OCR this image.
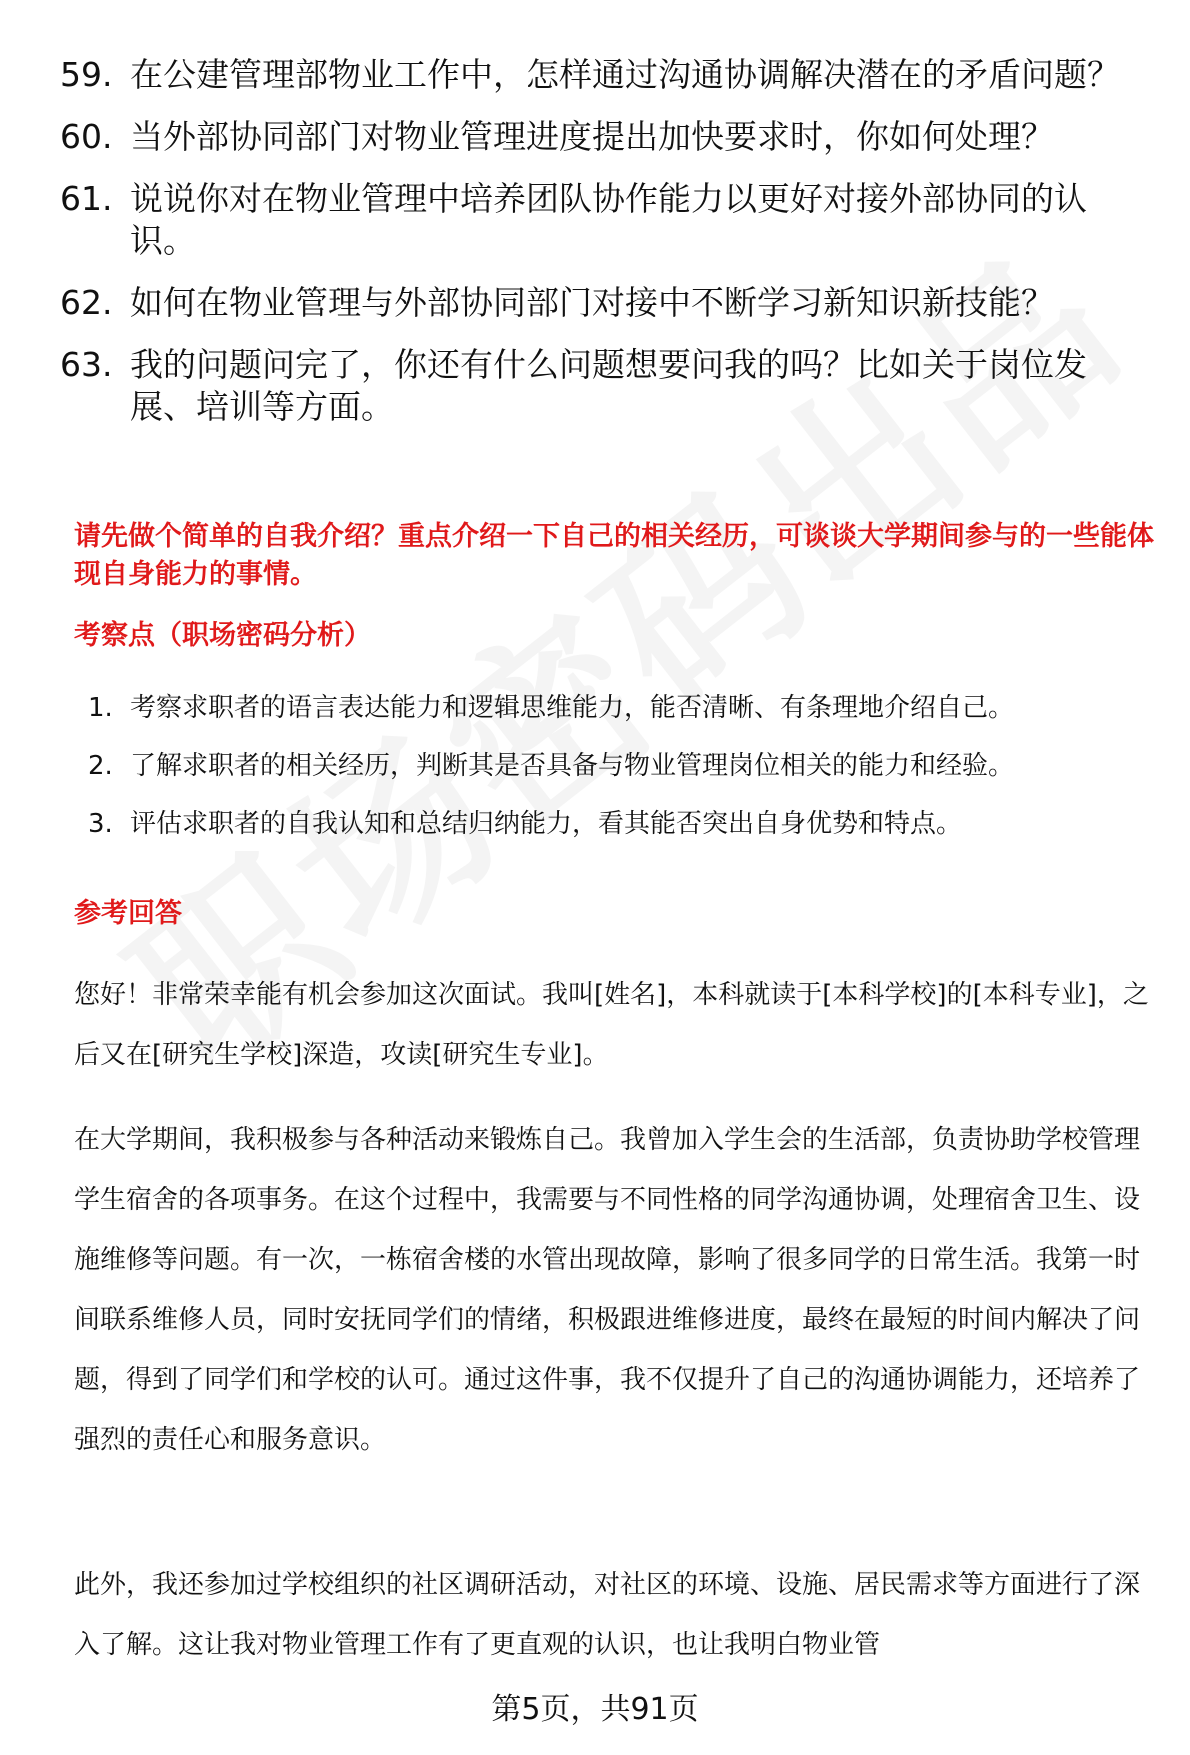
59. 在公建管理部物业工作中，怎样通过沟通协调解决潜在的矛盾问题？
60. 当外部协同部门对物业管理进度提出加快要求时，你如何处理？
61. 说说你对在物业管理中培养团队协作能力以更好对接外部协同的认识。
62. 如何在物业管理与外部协同部门对接中不断学习新知识新技能？
63. 我的问题问完了，你还有什么问题想要问我的吗？比如关于岗位发展、培训等方面。
请先做个简单的自我介绍？重点介绍一下自己的相关经历，可谈谈大学期间参与的一些能体现自身能力的事情。
考察点（职场密码分析）
1. 考察求职者的语言表达能力和逻辑思维能力，能否清晰、有条理地介绍自己。
2. 了解求职者的相关经历，判断其是否具备与物业管理岗位相关的能力和经验。
3. 评估求职者的自我认知和总结归纳能力，看其能否突出自身优势和特点。
参考回答

您好！非常荣幸能有机会参加这次面试。我叫[姓名]，本科就读于[本科学校]的[本科专业]，之后又在[研究生学校]深造，攻读[研究生专业]。

在大学期间，我积极参与各种活动来锻炼自己。我曾加入学生会的生活部，负责协助学校管理学生宿舍的各项事务。在这个过程中，我需要与不同性格的同学沟通协调，处理宿舍卫生、设施维修等问题。有一次，一栋宿舍楼的水管出现故障，影响了很多同学的日常生活。我第一时间联系维修人员，同时安抚同学们的情绪，积极跟进维修进度，最终在最短的时间内解决了问题，得到了同学们和学校的认可。通过这件事，我不仅提升了自己的沟通协调能力，还培养了强烈的责任心和服务意识。

此外，我还参加过学校组织的社区调研活动，对社区的环境、设施、居民需求等方面进行了深入了解。这让我对物业管理工作有了更直观的认识，也让我明白物业管

第5页，共91页
